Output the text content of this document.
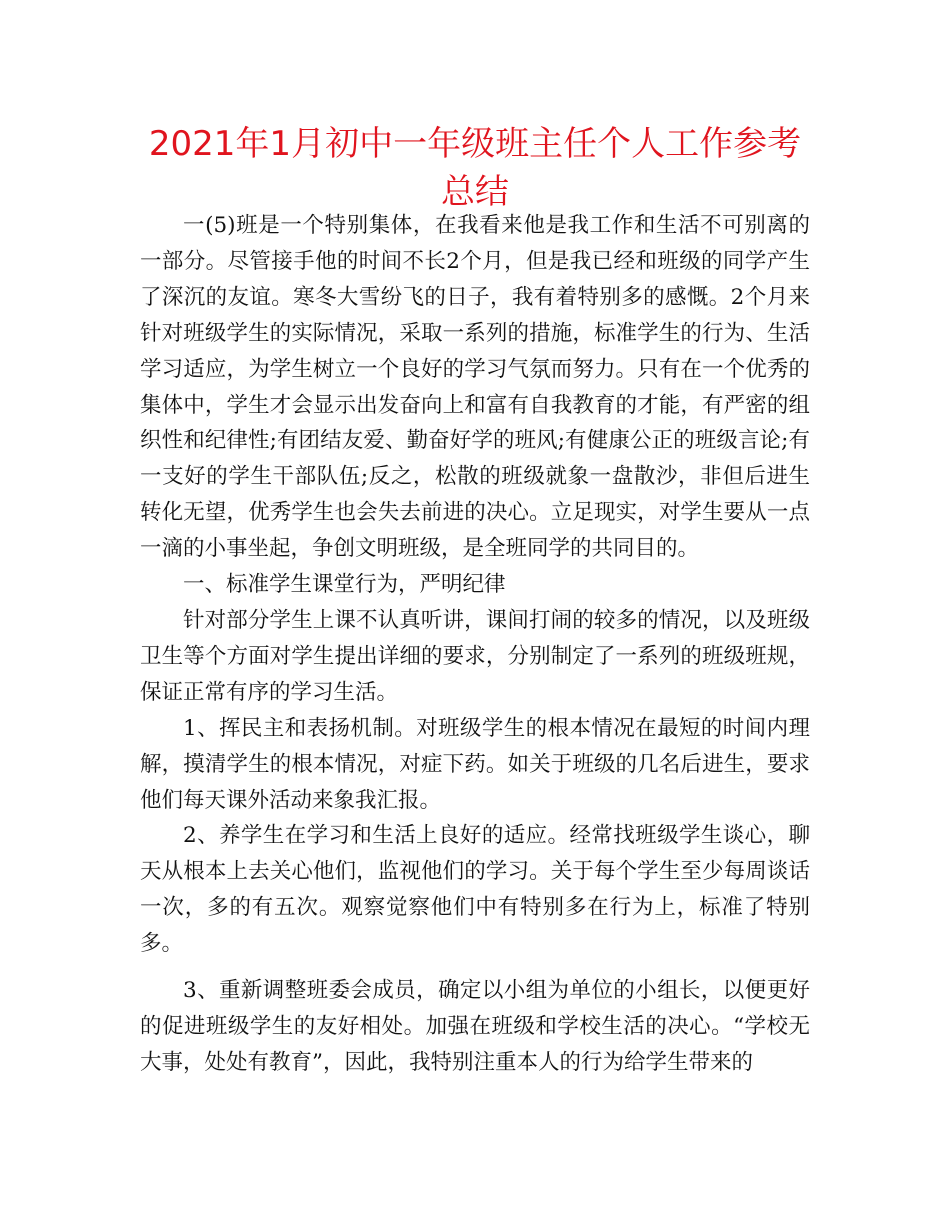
2021年1月初中一年级班主任个人工作参考总结

一(5)班是一个特别集体，在我看来他是我工作和生活不可别离的一部分。尽管接手他的时间不长2个月，但是我已经和班级的同学产生了深沉的友谊。寒冬大雪纷飞的日子，我有着特别多的感慨。2个月来针对班级学生的实际情况，采取一系列的措施，标准学生的行为、生活学习适应，为学生树立一个良好的学习气氛而努力。只有在一个优秀的集体中，学生才会显示出发奋向上和富有自我教育的才能，有严密的组织性和纪律性;有团结友爱、勤奋好学的班风;有健康公正的班级言论;有一支好的学生干部队伍;反之，松散的班级就象一盘散沙，非但后进生转化无望，优秀学生也会失去前进的决心。立足现实，对学生要从一点一滴的小事坐起，争创文明班级，是全班同学的共同目的。

一、标准学生课堂行为，严明纪律

针对部分学生上课不认真听讲，课间打闹的较多的情况，以及班级卫生等个方面对学生提出详细的要求，分别制定了一系列的班级班规，保证正常有序的学习生活。

1、挥民主和表扬机制。对班级学生的根本情况在最短的时间内理解，摸清学生的根本情况，对症下药。如关于班级的几名后进生，要求他们每天课外活动来象我汇报。

2、养学生在学习和生活上良好的适应。经常找班级学生谈心，聊天从根本上去关心他们，监视他们的学习。关于每个学生至少每周谈话一次，多的有五次。观察觉察他们中有特别多在行为上，标准了特别多。

3、重新调整班委会成员，确定以小组为单位的小组长，以便更好的促进班级学生的友好相处。加强在班级和学校生活的决心。“学校无大事，处处有教育”，因此，我特别注重本人的行为给学生带来的
